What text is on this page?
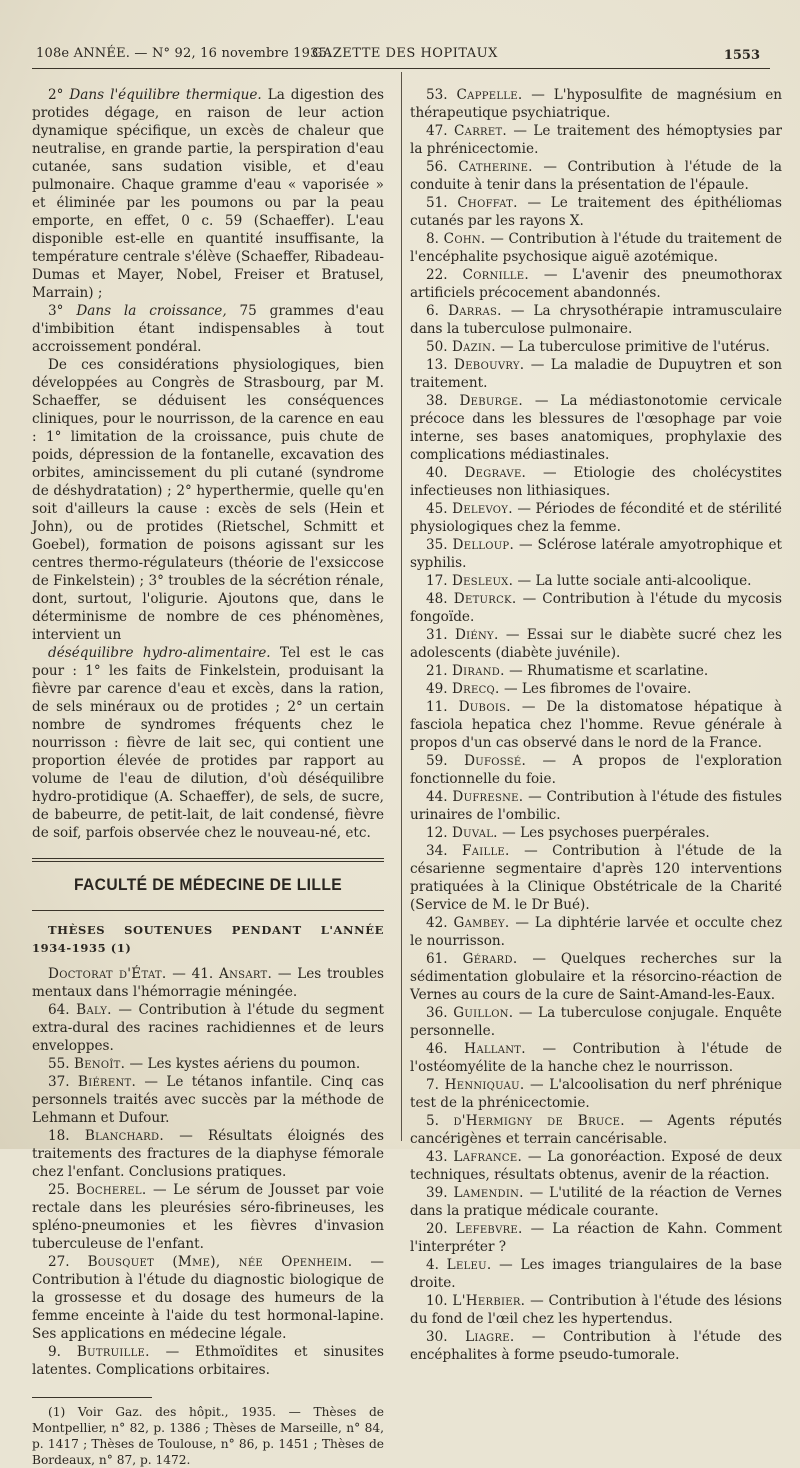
108e ANNÉE. — N° 92, 16 novembre 1935.
GAZETTE DES HOPITAUX	1553

2° Dans l'équilibre thermique. La digestion des protides dégage, en raison de leur action dynamique spécifique, un excès de chaleur que neutralise, en grande partie, la perspiration d'eau cutanée, sans sudation visible, et d'eau pulmonaire. Chaque gramme d'eau « vaporisée » et éliminée par les poumons ou par la peau emporte, en effet, 0 c. 59 (Schaeffer). L'eau disponible est-elle en quantité insuffisante, la température centrale s'élève (Schaeffer, Ribadeau-Dumas et Mayer, Nobel, Freiser et Bratusel, Marrain) ;

3° Dans la croissance, 75 grammes d'eau d'imbibition étant indispensables à tout accroissement pondéral.

De ces considérations physiologiques, bien développées au Congrès de Strasbourg, par M. Schaeffer, se déduisent les conséquences cliniques, pour le nourrisson, de la carence en eau : 1° limitation de la croissance, puis chute de poids, dépression de la fontanelle, excavation des orbites, amincissement du pli cutané (syndrome de déshydratation) ; 2° hyperthermie, quelle qu'en soit d'ailleurs la cause : excès de sels (Hein et John), ou de protides (Rietschel, Schmitt et Goebel), formation de poisons agissant sur les centres thermo-régulateurs (théorie de l'exsiccose de Finkelstein) ; 3° troubles de la sécrétion rénale, dont, surtout, l'oligurie. Ajoutons que, dans le déterminisme de nombre de ces phénomènes, intervient un

déséquilibre hydro-alimentaire. Tel est le cas pour : 1° les faits de Finkelstein, produisant la fièvre par carence d'eau et excès, dans la ration, de sels minéraux ou de protides ; 2° un certain nombre de syndromes fréquents chez le nourrisson : fièvre de lait sec, qui contient une proportion élevée de protides par rapport au volume de l'eau de dilution, d'où déséquilibre hydro-protidique (A. Schaeffer), de sels, de sucre, de babeurre, de petit-lait, de lait condensé, fièvre de soif, parfois observée chez le nouveau-né, etc.

FACULTÉ DE MÉDECINE DE LILLE
THÈSES SOUTENUES PENDANT L'ANNÉE 1934-1935 (1)

Doctorat d'État. — 41. Ansart. — Les troubles mentaux dans l'hémorragie méningée.

64. Baly. — Contribution à l'étude du segment extra-dural des racines rachidiennes et de leurs enveloppes.

55. Benoît. — Les kystes aériens du poumon.

37. Biérent. — Le tétanos infantile. Cinq cas personnels traités avec succès par la méthode de Lehmann et Dufour.

18. Blanchard. — Résultats éloignés des traitements des fractures de la diaphyse fémorale chez l'enfant. Conclusions pratiques.

25. Bocherel. — Le sérum de Jousset par voie rectale dans les pleurésies séro-fibrineuses, les spléno-pneumonies et les fièvres d'invasion tuberculeuse de l'enfant.

27. Bousquet (Mme), née Openheim. — Contribution à l'étude du diagnostic biologique de la grossesse et du dosage des humeurs de la femme enceinte à l'aide du test hormonal-lapine. Ses applications en médecine légale.

9. Butruille. — Ethmoïdites et sinusites latentes. Complications orbitaires.

(1) Voir Gaz. des hôpit., 1935. — Thèses de Montpellier, n° 82, p. 1386 ; Thèses de Marseille, n° 84, p. 1417 ; Thèses de Toulouse, n° 86, p. 1451 ; Thèses de Bordeaux, n° 87, p. 1472.

53. Cappelle. — L'hyposulfite de magnésium en thérapeutique psychiatrique.

47. Carret. — Le traitement des hémoptysies par la phrénicectomie.

56. Catherine. — Contribution à l'étude de la conduite à tenir dans la présentation de l'épaule.

51. Choffat. — Le traitement des épithéliomas cutanés par les rayons X.

8. Cohn. — Contribution à l'étude du traitement de l'encéphalite psychosique aiguë azotémique.

22. Cornille. — L'avenir des pneumothorax artificiels précocement abandonnés.

6. Darras. — La chrysothérapie intramusculaire dans la tuberculose pulmonaire.

50. Dazin. — La tuberculose primitive de l'utérus.

13. Debouvry. — La maladie de Dupuytren et son traitement.

38. Deburge. — La médiastonotomie cervicale précoce dans les blessures de l'œsophage par voie interne, ses bases anatomiques, prophylaxie des complications médiastinales.

40. Degrave. — Etiologie des cholécystites infectieuses non lithiasiques.

45. Delevoy. — Périodes de fécondité et de stérilité physiologiques chez la femme.

35. Delloup. — Sclérose latérale amyotrophique et syphilis.

17. Desleux. — La lutte sociale anti-alcoolique.

48. Deturck. — Contribution à l'étude du mycosis fongoïde.

31. Diény. — Essai sur le diabète sucré chez les adolescents (diabète juvénile).

21. Dirand. — Rhumatisme et scarlatine.

49. Drecq. — Les fibromes de l'ovaire.

11. Dubois. — De la distomatose hépatique à fasciola hepatica chez l'homme. Revue générale à propos d'un cas observé dans le nord de la France.

59. Dufossé. — A propos de l'exploration fonctionnelle du foie.

44. Dufresne. — Contribution à l'étude des fistules urinaires de l'ombilic.

12. Duval. — Les psychoses puerpérales.

34. Faille. — Contribution à l'étude de la césarienne segmentaire d'après 120 interventions pratiquées à la Clinique Obstétricale de la Charité (Service de M. le Dr Bué).

42. Gambey. — La diphtérie larvée et occulte chez le nourrisson.

61. Gérard. — Quelques recherches sur la sédimentation globulaire et la résorcino-réaction de Vernes au cours de la cure de Saint-Amand-les-Eaux.

36. Guillon. — La tuberculose conjugale. Enquête personnelle.

46. Hallant. — Contribution à l'étude de l'ostéomyélite de la hanche chez le nourrisson.

7. Henniquau. — L'alcoolisation du nerf phrénique test de la phrénicectomie.

5. d'Hermigny de Bruce. — Agents réputés cancérigènes et terrain cancérisable.

43. Lafrance. — La gonoréaction. Exposé de deux techniques, résultats obtenus, avenir de la réaction.

39. Lamendin. — L'utilité de la réaction de Vernes dans la pratique médicale courante.

20. Lefebvre. — La réaction de Kahn. Comment l'interpréter ?

4. Leleu. — Les images triangulaires de la base droite.

10. L'Herbier. — Contribution à l'étude des lésions du fond de l'œil chez les hypertendus.

30. Liagre. — Contribution à l'étude des encéphalites à forme pseudo-tumorale.
